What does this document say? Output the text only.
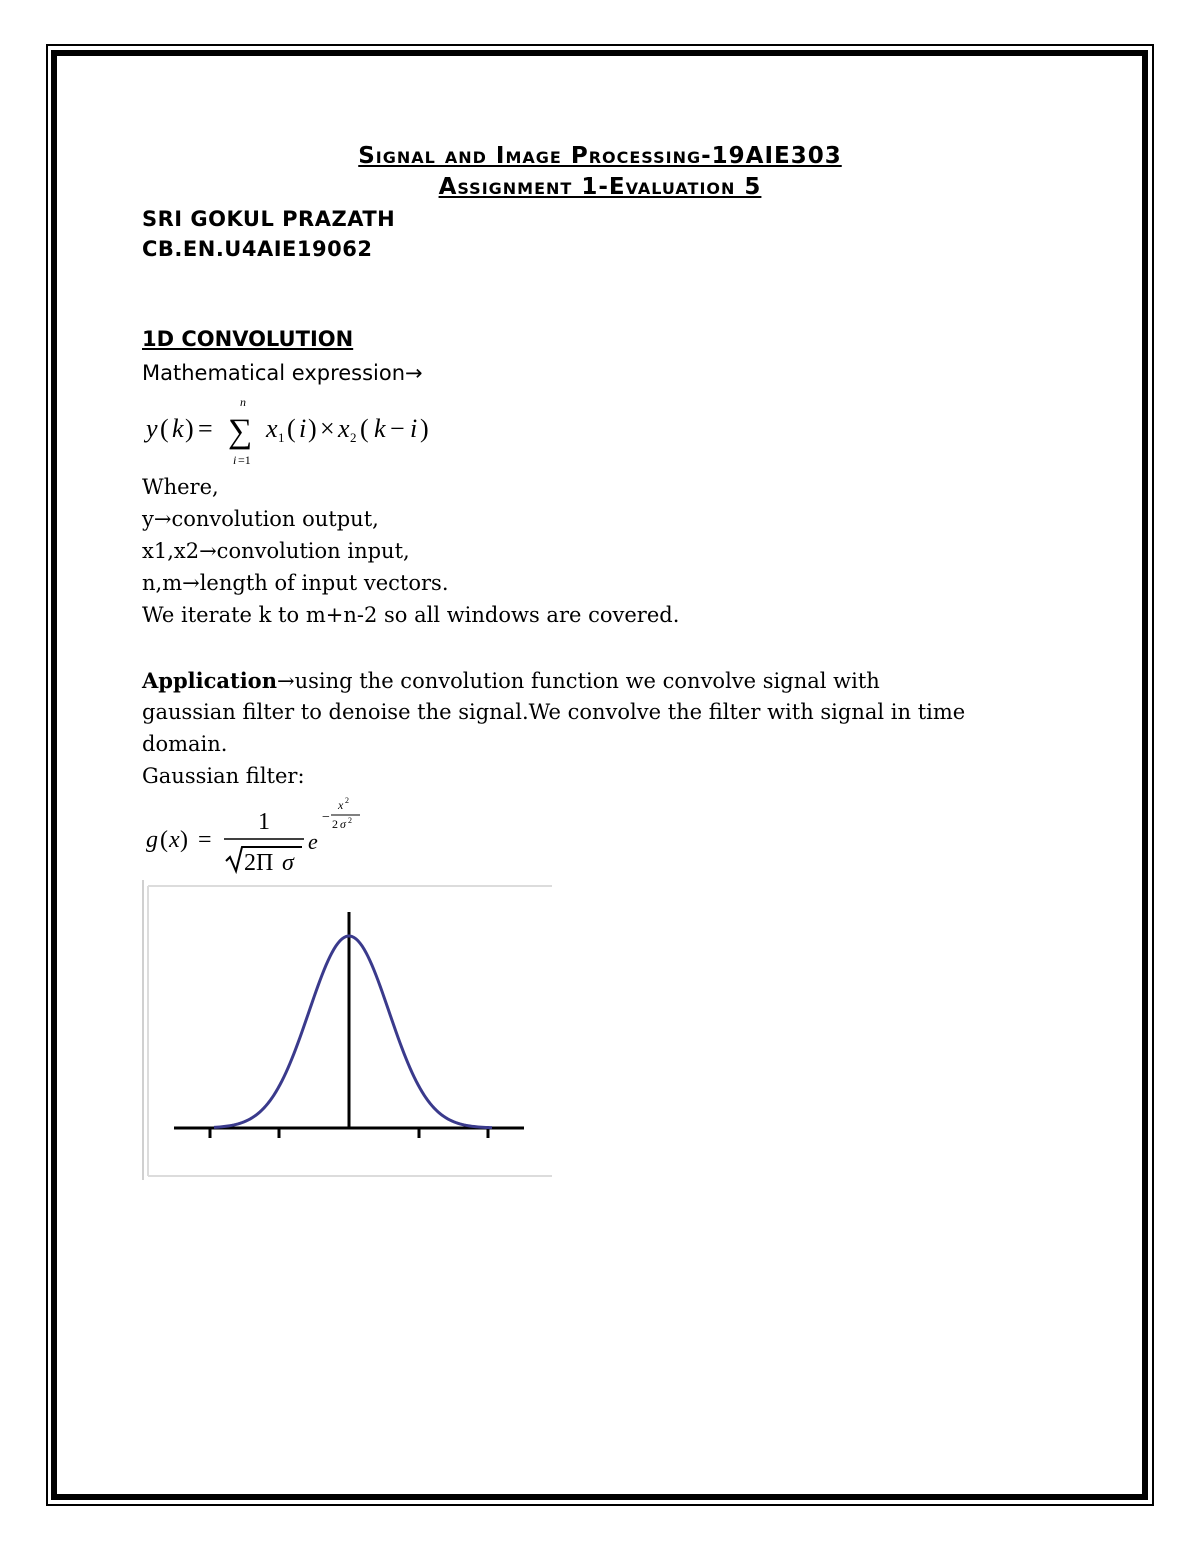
Signal and Image Processing-19AIE303
Assignment 1-Evaluation 5
SRI GOKUL PRAZATH
CB.EN.U4AIE19062
1D CONVOLUTION
Mathematical expression→
y ( k ) = ∑
n
i =1
x 1 ( i ) × x 2 ( k − i )
Where,
y→convolution output,
x1,x2→convolution input,
n,m→length of input vectors.
We iterate k to m+n-2 so all windows are covered.
Application→using the convolution function we convolve signal with
gaussian filter to denoise the signal.We convolve the filter with signal in time
domain.
Gaussian filter:
g ( x ) =
1
2Π σ
e
−
x 2
2 σ 2
